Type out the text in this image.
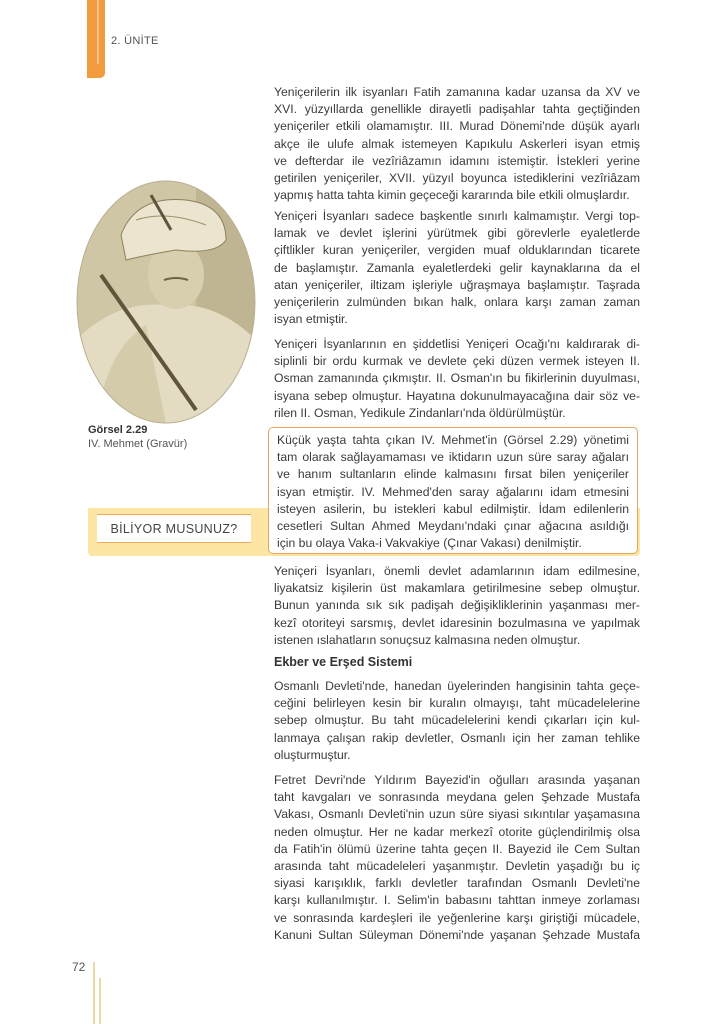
2. ÜNİTE
Yeniçerilerin ilk isyanları Fatih zamanına kadar uzansa da XV ve
XVI. yüzyıllarda genellikle dirayetli padişahlar tahta geçtiğinden
yeniçeriler etkili olamamıştır. III. Murad Dönemi'nde düşük ayarlı
akçe ile ulufe almak istemeyen Kapıkulu Askerleri isyan etmiş
ve defterdar ile vezîriâzamın idamını istemiştir. İstekleri yerine
getirilen yeniçeriler, XVII. yüzyıl boyunca istediklerini vezîriâzam
yapmış hatta tahta kimin geçeceği kararında bile etkili olmuşlardır.
Yeniçeri İsyanları sadece başkentle sınırlı kalmamıştır. Vergi top-
lamak ve devlet işlerini yürütmek gibi görevlerle eyaletlerde
çiftlikler kuran yeniçeriler, vergiden muaf olduklarından ticarete
de başlamıştır. Zamanla eyaletlerdeki gelir kaynaklarına da el
atan yeniçeriler, iltizam işleriyle uğraşmaya başlamıştır. Taşrada
yeniçerilerin zulmünden bıkan halk, onlara karşı zaman zaman
isyan etmiştir.
Yeniçeri İsyanlarının en şiddetlisi Yeniçeri Ocağı'nı kaldırarak di-
siplinli bir ordu kurmak ve devlete çeki düzen vermek isteyen II.
Osman zamanında çıkmıştır. II. Osman'ın bu fikirlerinin duyulması,
isyana sebep olmuştur. Hayatına dokunulmayacağına dair söz ve-
rilen II. Osman, Yedikule Zindanları'nda öldürülmüştür.
Görsel 2.29
IV. Mehmet (Gravür)
BİLİYOR MUSUNUZ?
Küçük yaşta tahta çıkan IV. Mehmet'in (Görsel 2.29) yönetimi
tam olarak sağlayamaması ve iktidarın uzun süre saray ağaları
ve hanım sultanların elinde kalmasını fırsat bilen yeniçeriler
isyan etmiştir. IV. Mehmed'den saray ağalarını idam etmesini
isteyen asilerin, bu istekleri kabul edilmiştir. İdam edilenlerin
cesetleri Sultan Ahmed Meydanı'ndaki çınar ağacına asıldığı
için bu olaya Vaka-i Vakvakiye (Çınar Vakası) denilmiştir.
Yeniçeri İsyanları, önemli devlet adamlarının idam edilmesine,
liyakatsiz kişilerin üst makamlara getirilmesine sebep olmuştur.
Bunun yanında sık sık padişah değişikliklerinin yaşanması mer-
kezî otoriteyi sarsmış, devlet idaresinin bozulmasına ve yapılmak
istenen ıslahatların sonuçsuz kalmasına neden olmuştur.
Ekber ve Erşed Sistemi
Osmanlı Devleti'nde, hanedan üyelerinden hangisinin tahta geçe-
ceğini belirleyen kesin bir kuralın olmayışı, taht mücadelelerine
sebep olmuştur. Bu taht mücadelelerini kendi çıkarları için kul-
lanmaya çalışan rakip devletler, Osmanlı için her zaman tehlike
oluşturmuştur.
Fetret Devri'nde Yıldırım Bayezid'in oğulları arasında yaşanan
taht kavgaları ve sonrasında meydana gelen Şehzade Mustafa
Vakası, Osmanlı Devleti'nin uzun süre siyasi sıkıntılar yaşamasına
neden olmuştur. Her ne kadar merkezî otorite güçlendirilmiş olsa
da Fatih'in ölümü üzerine tahta geçen II. Bayezid ile Cem Sultan
arasında taht mücadeleleri yaşanmıştır. Devletin yaşadığı bu iç
siyasi karışıklık, farklı devletler tarafından Osmanlı Devleti'ne
karşı kullanılmıştır. I. Selim'in babasını tahttan inmeye zorlaması
ve sonrasında kardeşleri ile yeğenlerine karşı giriştiği mücadele,
Kanuni Sultan Süleyman Dönemi'nde yaşanan Şehzade Mustafa
72
